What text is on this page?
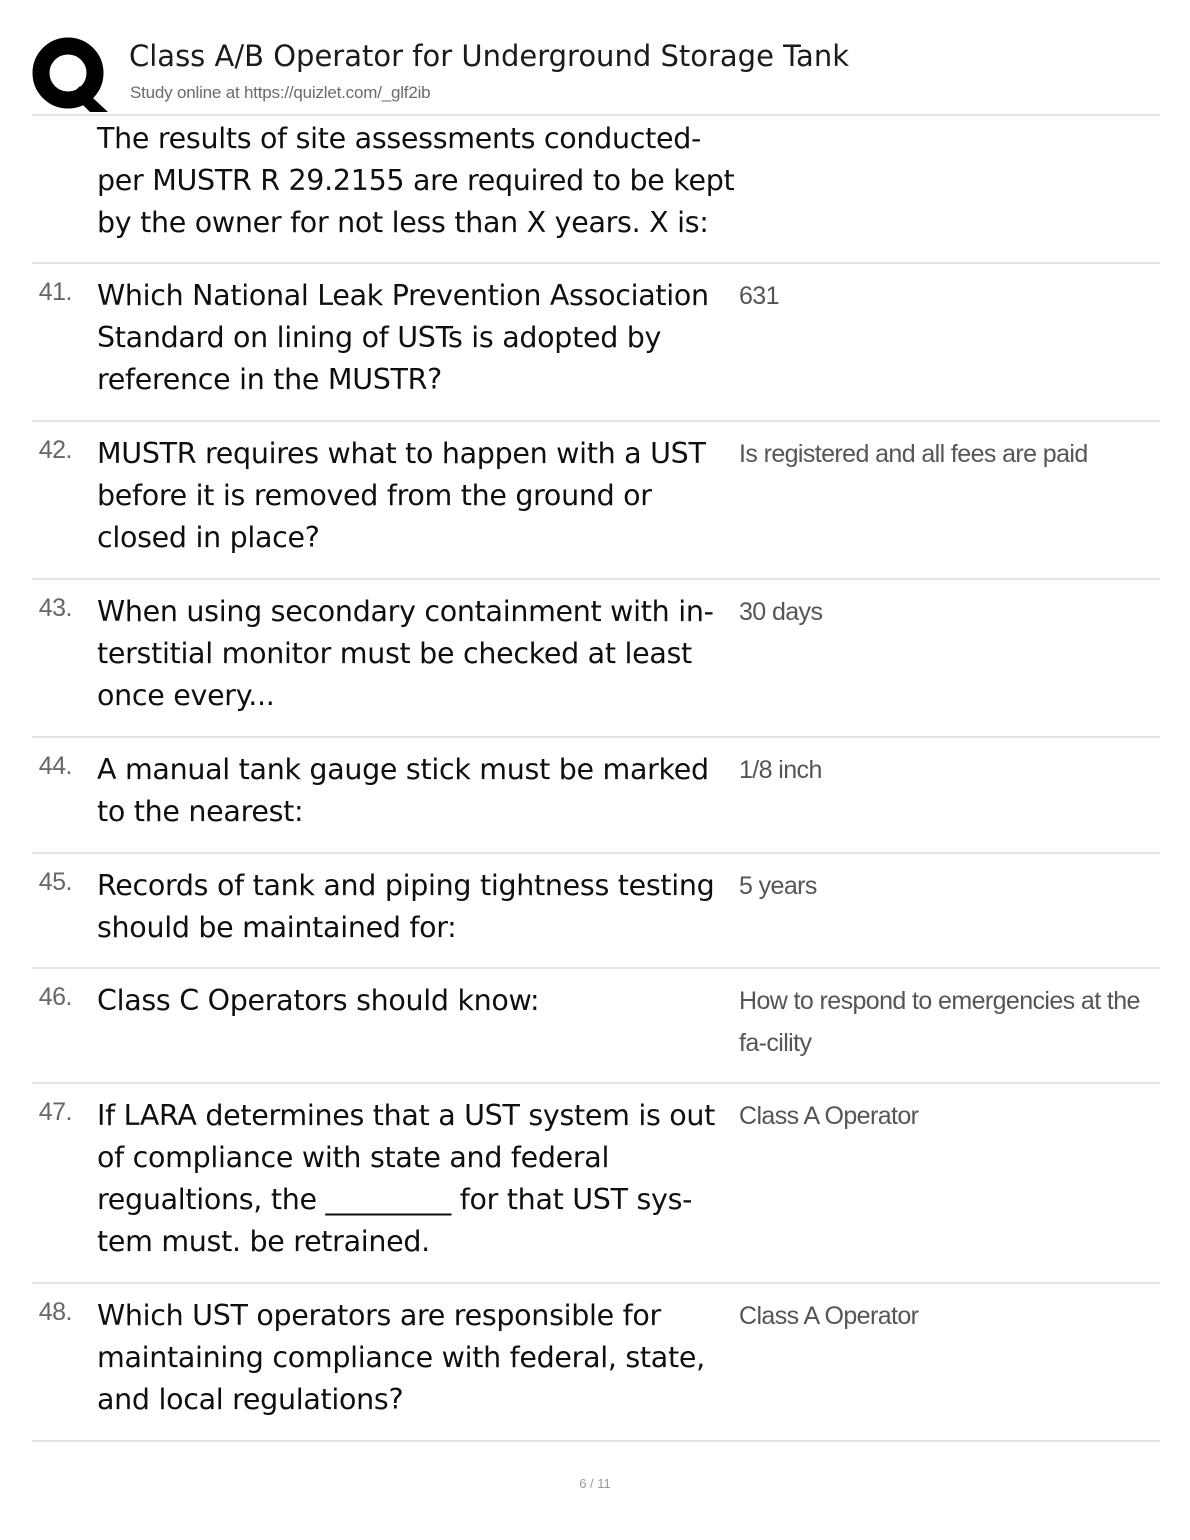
Class A/B Operator for Underground Storage Tank
Study online at https://quizlet.com/_glf2ib
The results of site assessments conducted-per MUSTR R 29.2155 are required to be kept by the owner for not less than X years. X is:
41. Which National Leak Prevention Association Standard on lining of USTs is adopted by reference in the MUSTR?
631
42. MUSTR requires what to happen with a UST before it is removed from the ground or closed in place?
Is registered and all fees are paid
43. When using secondary containment with in-terstitial monitor must be checked at least once every...
30 days
44. A manual tank gauge stick must be marked to the nearest:
1/8 inch
45. Records of tank and piping tightness testing should be maintained for:
5 years
46. Class C Operators should know:	How to respond to emergencies at the fa-cility
47. If LARA determines that a UST system is out of compliance with state and federal regualtions, the _________ for that UST sys-tem must. be retrained.
Class A Operator
48. Which UST operators are responsible for maintaining compliance with federal, state, and local regulations?
Class A Operator
6 / 11
